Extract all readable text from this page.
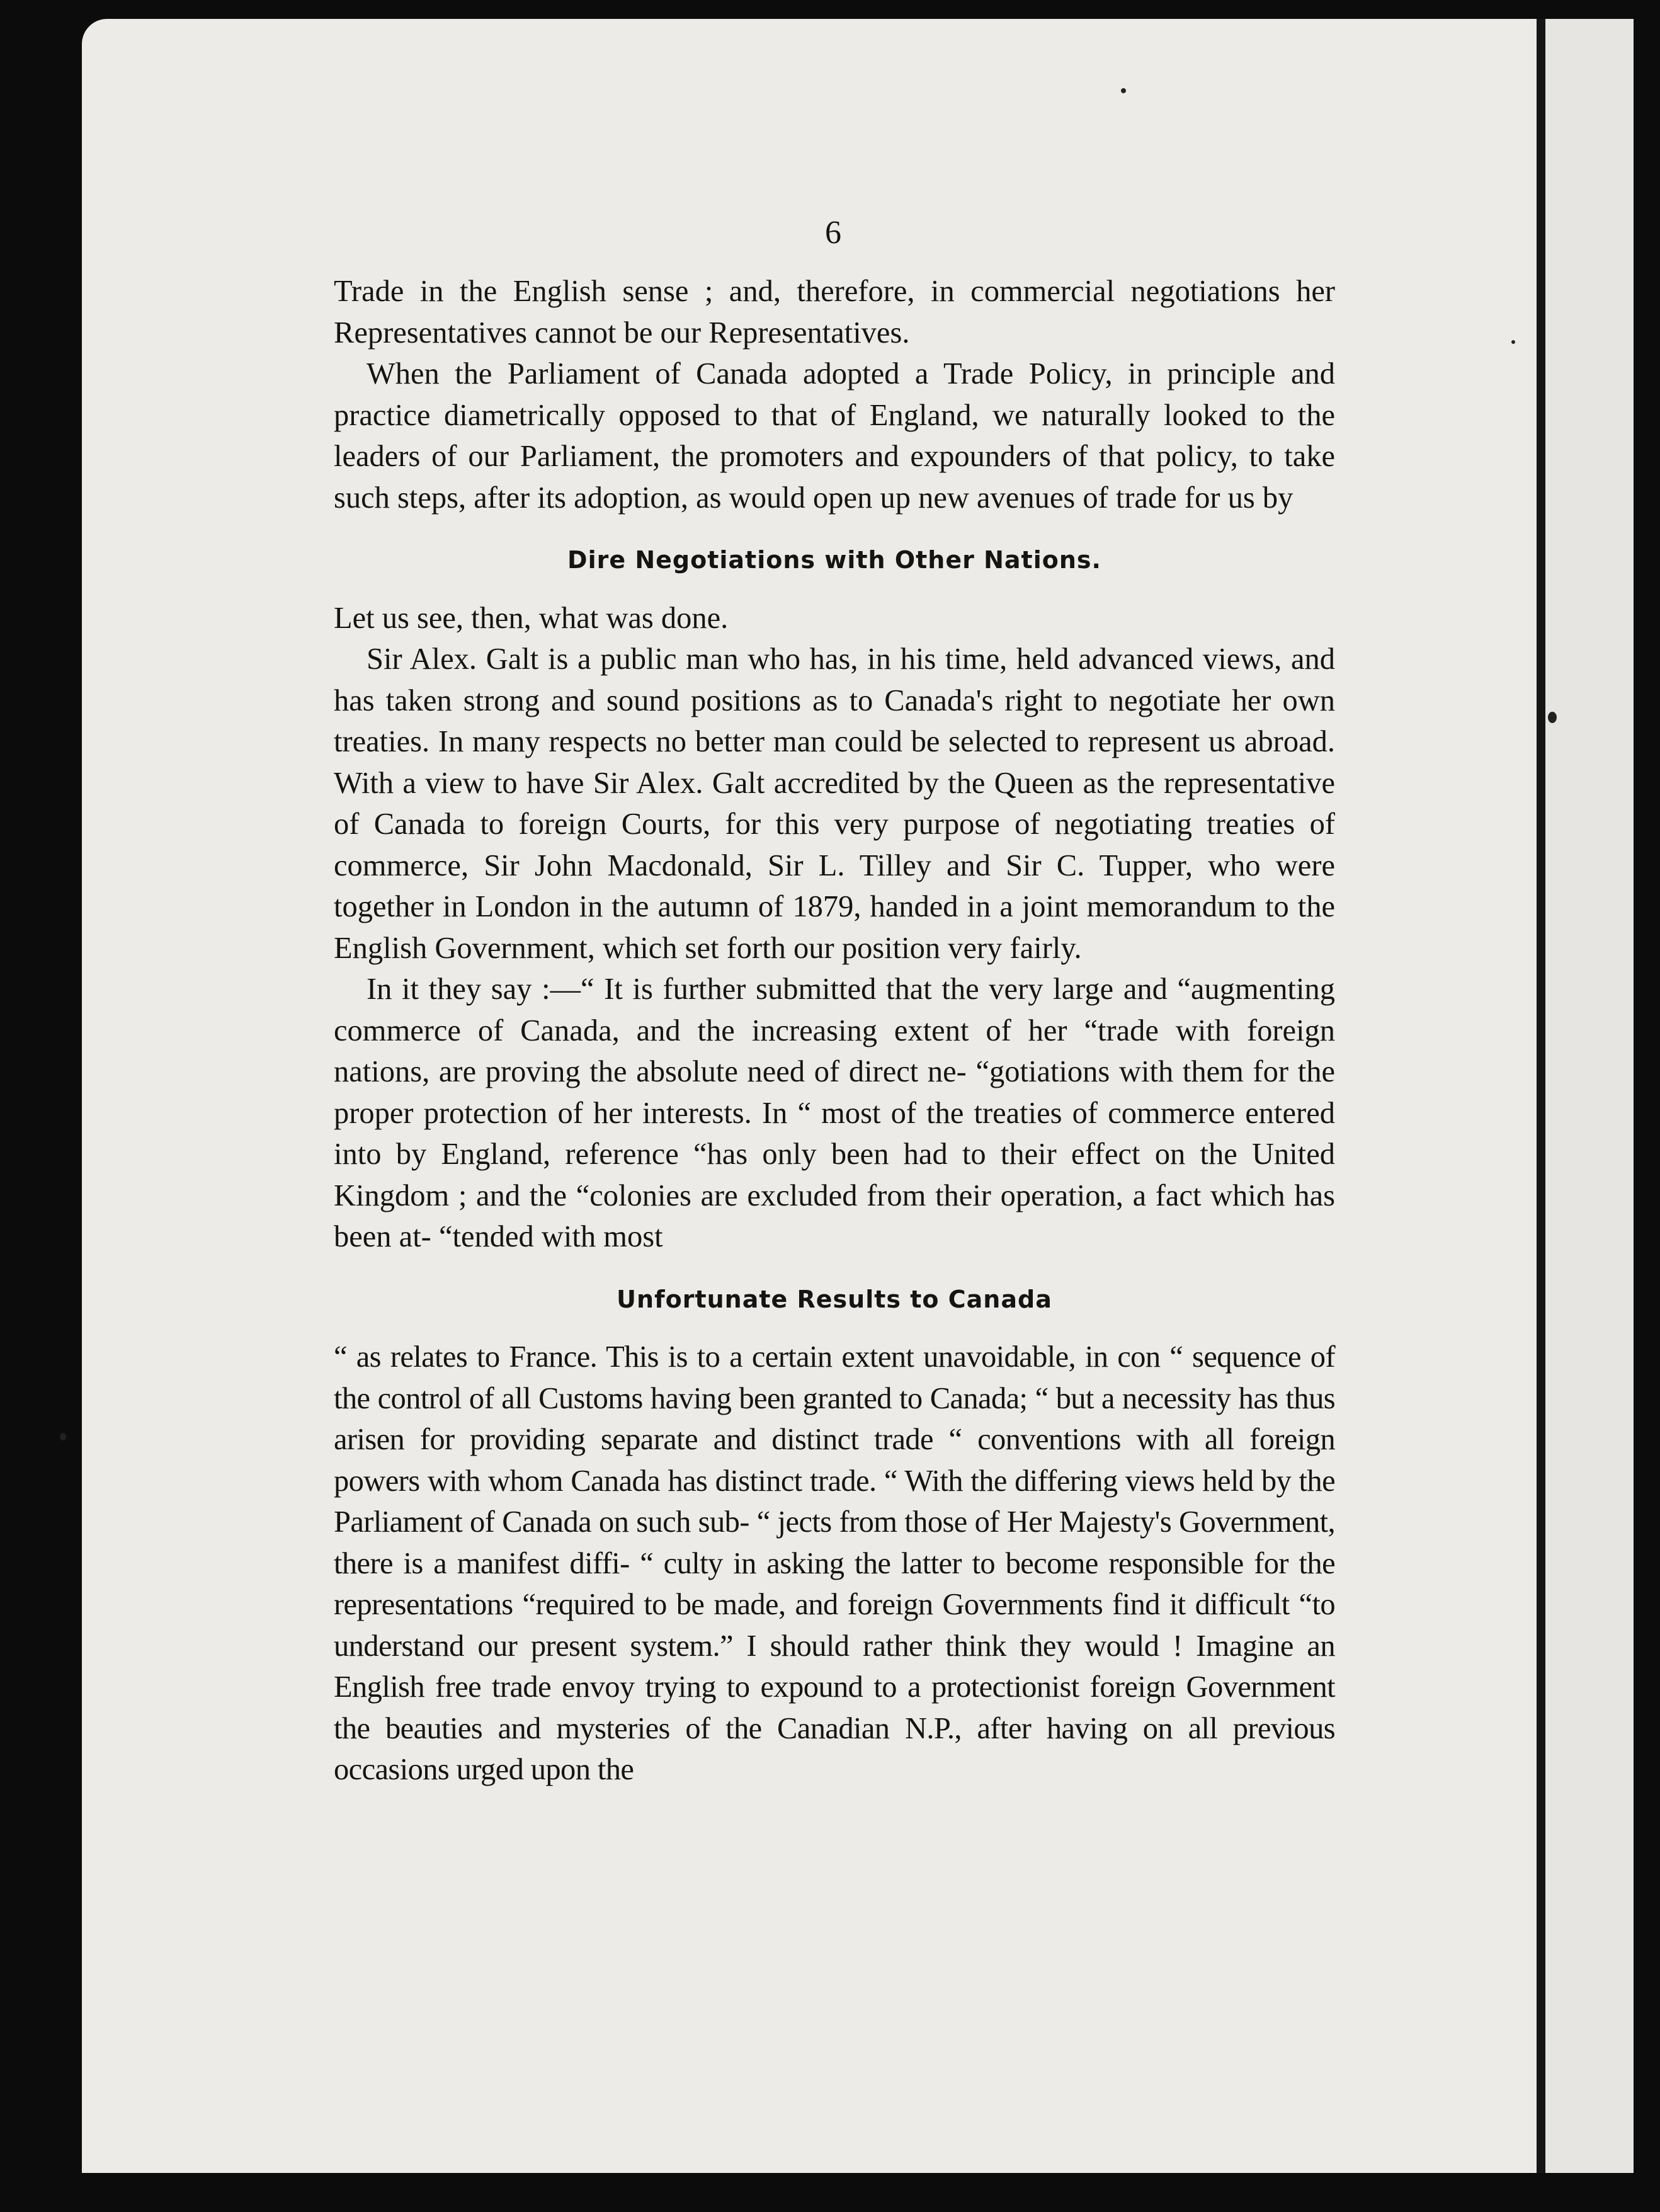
6

Trade in the English sense ; and, therefore, in commercial negotiations her Representatives cannot be our Representatives.

When the Parliament of Canada adopted a Trade Policy, in principle and practice diametrically opposed to that of England, we naturally looked to the leaders of our Parliament, the promoters and expounders of that policy, to take such steps, after its adoption, as would open up new avenues of trade for us by

Dire Negotiations with Other Nations.

Let us see, then, what was done.

Sir Alex. Galt is a public man who has, in his time, held advanced views, and has taken strong and sound positions as to Canada's right to negotiate her own treaties. In many respects no better man could be selected to represent us abroad. With a view to have Sir Alex. Galt accredited by the Queen as the representative of Canada to foreign Courts, for this very purpose of negotiating treaties of commerce, Sir John Macdonald, Sir L. Tilley and Sir C. Tupper, who were together in London in the autumn of 1879, handed in a joint memorandum to the English Government, which set forth our position very fairly.

In it they say :—“ It is further submitted that the very large and “augmenting commerce of Canada, and the increasing extent of her “trade with foreign nations, are proving the absolute need of direct ne- “gotiations with them for the proper protection of her interests. In “ most of the treaties of commerce entered into by England, reference “has only been had to their effect on the United Kingdom ; and the “colonies are excluded from their operation, a fact which has been at- “tended with most

Unfortunate Results to Canada

“ as relates to France. This is to a certain extent unavoidable, in con “ sequence of the control of all Customs having been granted to Canada; “ but a necessity has thus arisen for providing separate and distinct trade “ conventions with all foreign powers with whom Canada has distinct trade. “ With the differing views held by the Parliament of Canada on such sub- “ jects from those of Her Majesty's Government, there is a manifest diffi- “ culty in asking the latter to become responsible for the representations “required to be made, and foreign Governments find it difficult “to understand our present system.” I should rather think they would ! Imagine an English free trade envoy trying to expound to a protectionist foreign Government the beauties and mysteries of the Canadian N.P., after having on all previous occasions urged upon the
